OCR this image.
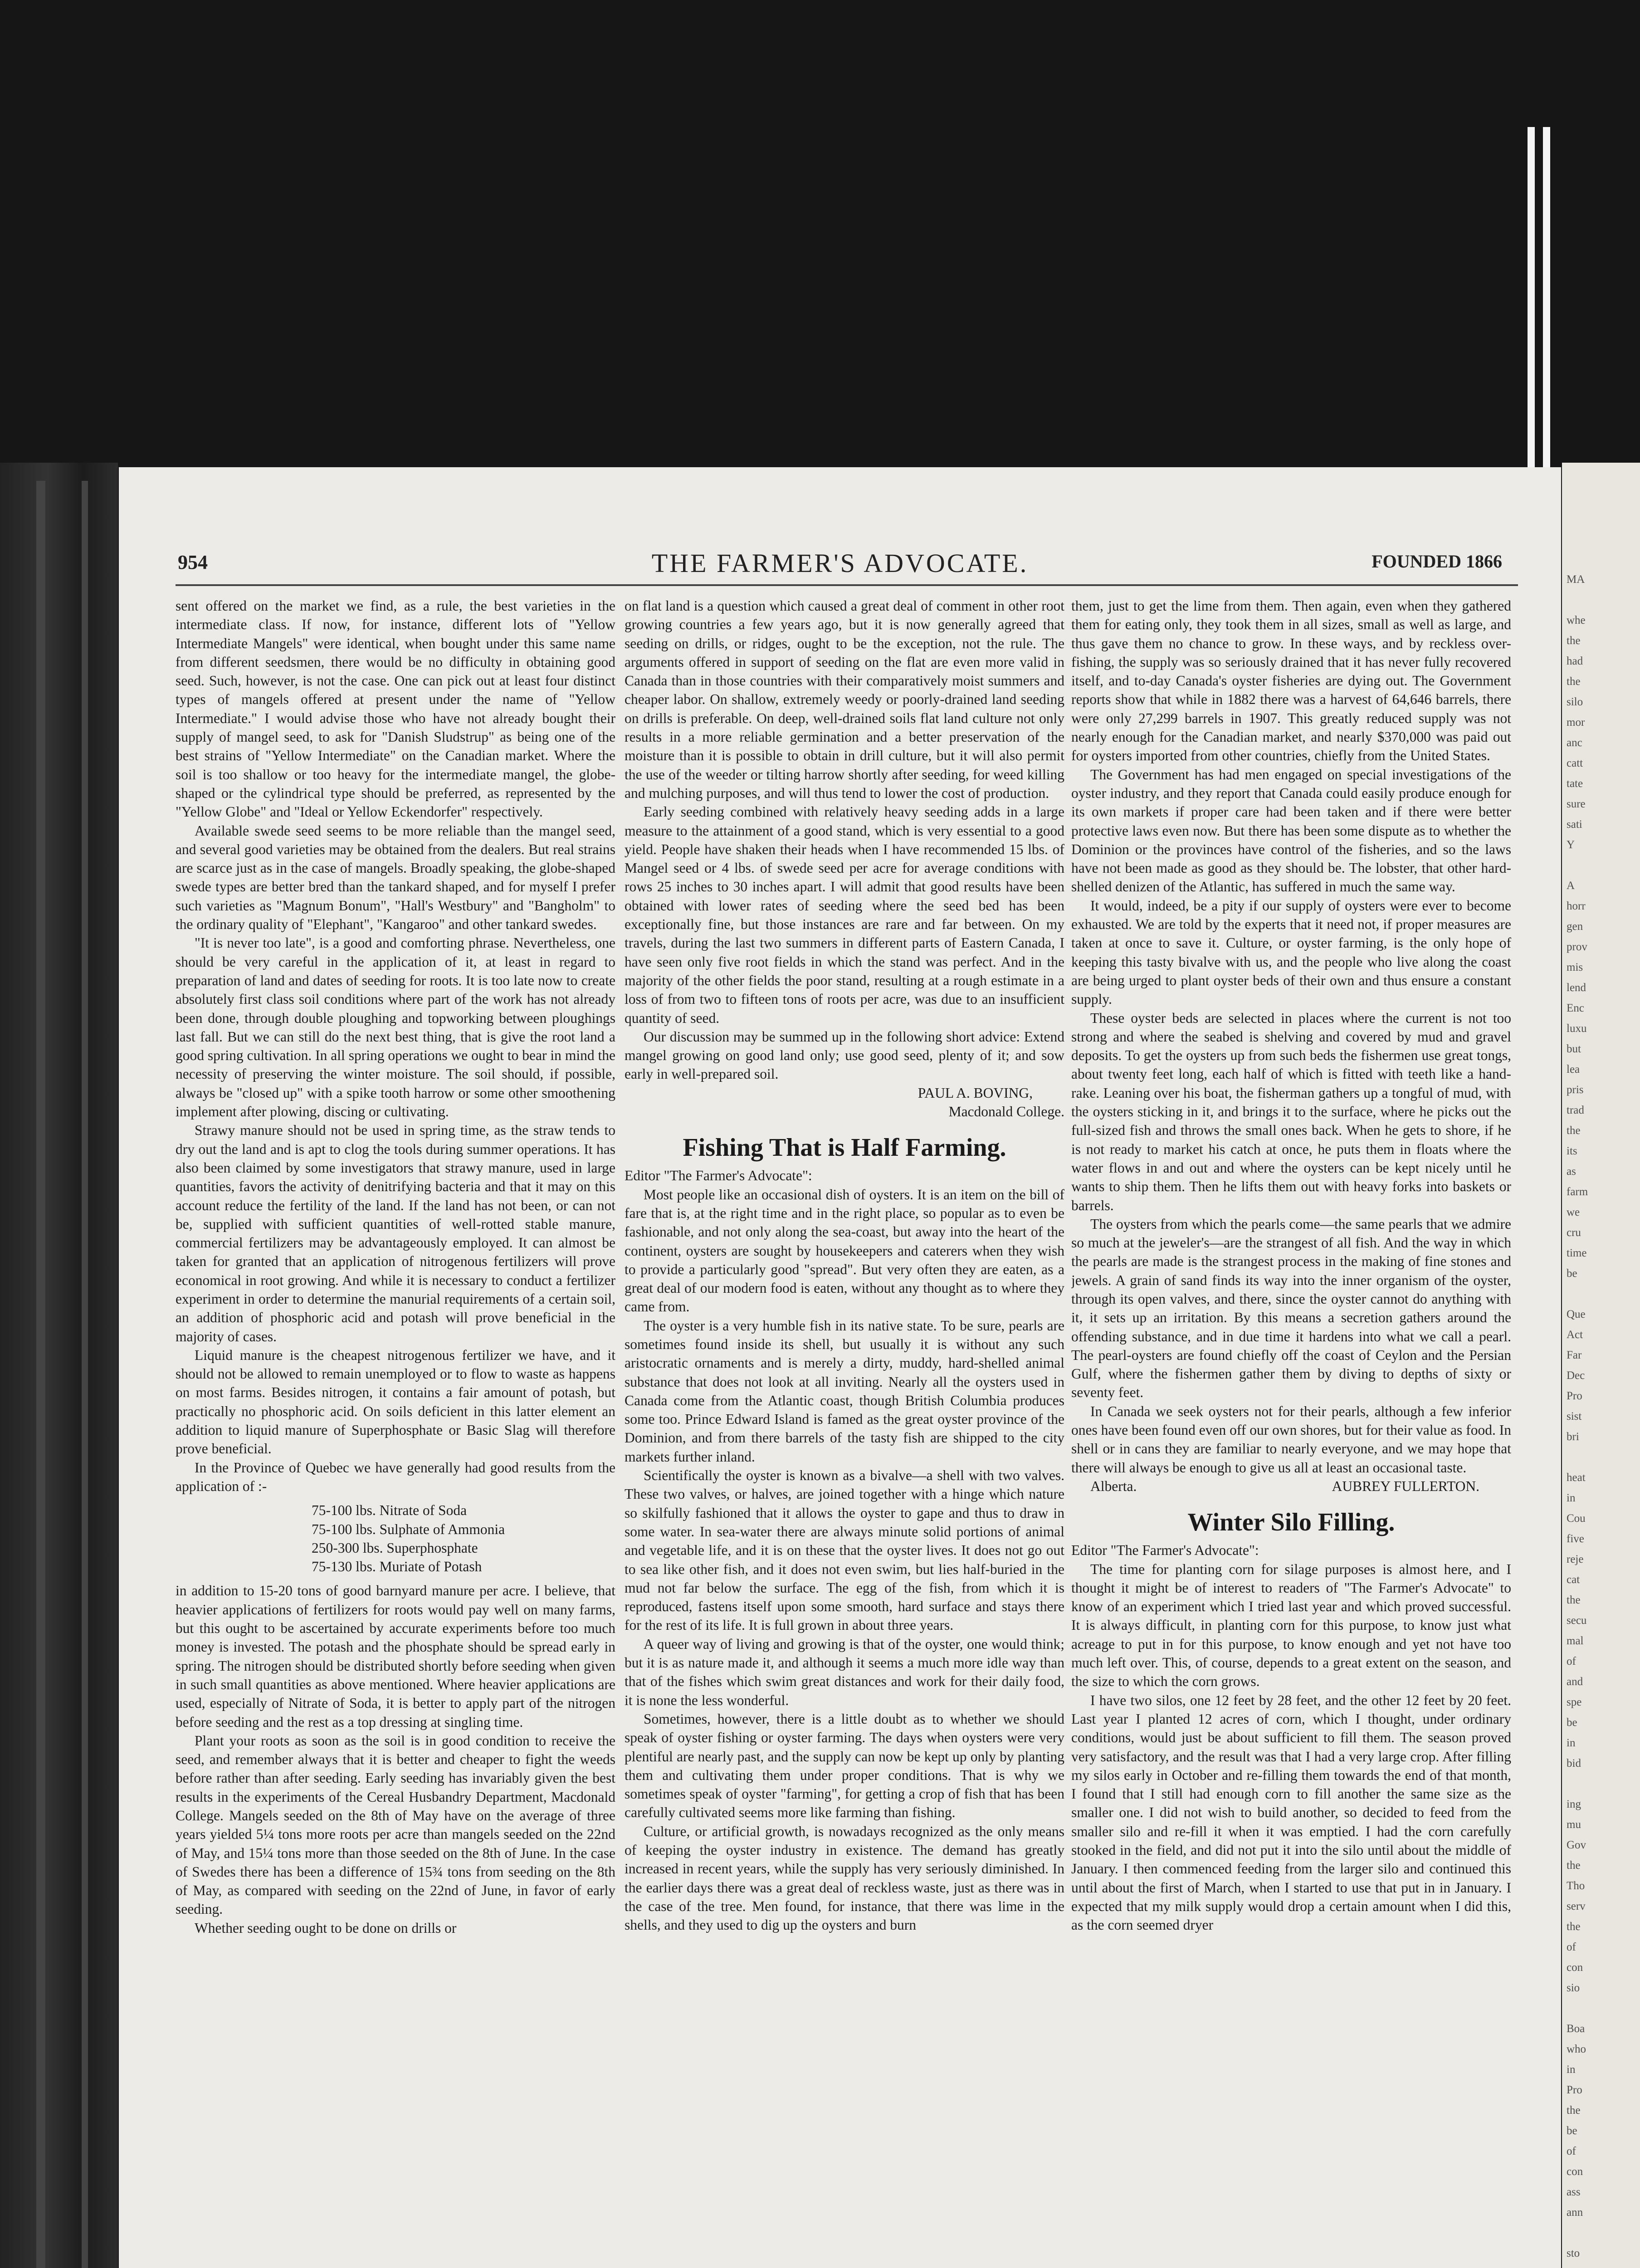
MA

whe
the
had
the
silo
mor
anc
catt
tate
sure
sati
Y

A
horr
gen
prov
mis
lend
Enc
luxu
but
lea
pris
trad
the
its
as
farm
we
cru
time
be

Que
Act
Far
Dec
Pro
sist
bri

heat
in
Cou
five
reje
cat
the
secu
mal
of
and
spe
be
in
bid

ing
mu
Gov
the
Tho
serv
the
of
con
sio

Boa
who
in
Pro
the
be
of
con
ass
ann

sto

954	THE FARMER'S ADVOCATE.	FOUNDED 1866

sent offered on the market we find, as a rule, the best varieties in the intermediate class. If now, for instance, different lots of "Yellow Intermediate Mangels" were identical, when bought under this same name from different seedsmen, there would be no difficulty in obtaining good seed. Such, however, is not the case. One can pick out at least four distinct types of mangels offered at present under the name of "Yellow Intermediate." I would advise those who have not already bought their supply of mangel seed, to ask for "Danish Sludstrup" as being one of the best strains of "Yellow Intermediate" on the Canadian market. Where the soil is too shallow or too heavy for the intermediate mangel, the globe-shaped or the cylindrical type should be preferred, as represented by the "Yellow Globe" and "Ideal or Yellow Eckendorfer" respectively.

Available swede seed seems to be more reliable than the mangel seed, and several good varieties may be obtained from the dealers. But real strains are scarce just as in the case of mangels. Broadly speaking, the globe-shaped swede types are better bred than the tankard shaped, and for myself I prefer such varieties as "Magnum Bonum", "Hall's Westbury" and "Bangholm" to the ordinary quality of "Elephant", "Kangaroo" and other tankard swedes.

"It is never too late", is a good and comforting phrase. Nevertheless, one should be very careful in the application of it, at least in regard to preparation of land and dates of seeding for roots. It is too late now to create absolutely first class soil conditions where part of the work has not already been done, through double ploughing and topworking between ploughings last fall. But we can still do the next best thing, that is give the root land a good spring cultivation. In all spring operations we ought to bear in mind the necessity of preserving the winter moisture. The soil should, if possible, always be "closed up" with a spike tooth harrow or some other smoothening implement after plowing, discing or cultivating.

Strawy manure should not be used in spring time, as the straw tends to dry out the land and is apt to clog the tools during summer operations. It has also been claimed by some investigators that strawy manure, used in large quantities, favors the activity of denitrifying bacteria and that it may on this account reduce the fertility of the land. If the land has not been, or can not be, supplied with sufficient quantities of well-rotted stable manure, commercial fertilizers may be advantageously employed. It can almost be taken for granted that an application of nitrogenous fertilizers will prove economical in root growing. And while it is necessary to conduct a fertilizer experiment in order to determine the manurial requirements of a certain soil, an addition of phosphoric acid and potash will prove beneficial in the majority of cases.

Liquid manure is the cheapest nitrogenous fertilizer we have, and it should not be allowed to remain unemployed or to flow to waste as happens on most farms. Besides nitrogen, it contains a fair amount of potash, but practically no phosphoric acid. On soils deficient in this latter element an addition to liquid manure of Superphosphate or Basic Slag will therefore prove beneficial.

In the Province of Quebec we have generally had good results from the application of :-

75-100 lbs. Nitrate of Soda
75-100 lbs. Sulphate of Ammonia
250-300 lbs. Superphosphate
75-130 lbs. Muriate of Potash

in addition to 15-20 tons of good barnyard manure per acre. I believe, that heavier applications of fertilizers for roots would pay well on many farms, but this ought to be ascertained by accurate experiments before too much money is invested. The potash and the phosphate should be spread early in spring. The nitrogen should be distributed shortly before seeding when given in such small quantities as above mentioned. Where heavier applications are used, especially of Nitrate of Soda, it is better to apply part of the nitrogen before seeding and the rest as a top dressing at singling time.

Plant your roots as soon as the soil is in good condition to receive the seed, and remember always that it is better and cheaper to fight the weeds before rather than after seeding. Early seeding has invariably given the best results in the experiments of the Cereal Husbandry Department, Macdonald College. Mangels seeded on the 8th of May have on the average of three years yielded 5¼ tons more roots per acre than mangels seeded on the 22nd of May, and 15¼ tons more than those seeded on the 8th of June. In the case of Swedes there has been a difference of 15¾ tons from seeding on the 8th of May, as compared with seeding on the 22nd of June, in favor of early seeding.

Whether seeding ought to be done on drills or

on flat land is a question which caused a great deal of comment in other root growing countries a few years ago, but it is now generally agreed that seeding on drills, or ridges, ought to be the exception, not the rule. The arguments offered in support of seeding on the flat are even more valid in Canada than in those countries with their comparatively moist summers and cheaper labor. On shallow, extremely weedy or poorly-drained land seeding on drills is preferable. On deep, well-drained soils flat land culture not only results in a more reliable germination and a better preservation of the moisture than it is possible to obtain in drill culture, but it will also permit the use of the weeder or tilting harrow shortly after seeding, for weed killing and mulching purposes, and will thus tend to lower the cost of production.

Early seeding combined with relatively heavy seeding adds in a large measure to the attainment of a good stand, which is very essential to a good yield. People have shaken their heads when I have recommended 15 lbs. of Mangel seed or 4 lbs. of swede seed per acre for average conditions with rows 25 inches to 30 inches apart. I will admit that good results have been obtained with lower rates of seeding where the seed bed has been exceptionally fine, but those instances are rare and far between. On my travels, during the last two summers in different parts of Eastern Canada, I have seen only five root fields in which the stand was perfect. And in the majority of the other fields the poor stand, resulting at a rough estimate in a loss of from two to fifteen tons of roots per acre, was due to an insufficient quantity of seed.

Our discussion may be summed up in the following short advice: Extend mangel growing on good land only; use good seed, plenty of it; and sow early in well-prepared soil.

PAUL A. BOVING,

Macdonald College.

Fishing That is Half Farming.

Editor "The Farmer's Advocate":

Most people like an occasional dish of oysters. It is an item on the bill of fare that is, at the right time and in the right place, so popular as to even be fashionable, and not only along the sea-coast, but away into the heart of the continent, oysters are sought by housekeepers and caterers when they wish to provide a particularly good "spread". But very often they are eaten, as a great deal of our modern food is eaten, without any thought as to where they came from.

The oyster is a very humble fish in its native state. To be sure, pearls are sometimes found inside its shell, but usually it is without any such aristocratic ornaments and is merely a dirty, muddy, hard-shelled animal substance that does not look at all inviting. Nearly all the oysters used in Canada come from the Atlantic coast, though British Columbia produces some too. Prince Edward Island is famed as the great oyster province of the Dominion, and from there barrels of the tasty fish are shipped to the city markets further inland.

Scientifically the oyster is known as a bivalve—a shell with two valves. These two valves, or halves, are joined together with a hinge which nature so skilfully fashioned that it allows the oyster to gape and thus to draw in some water. In sea-water there are always minute solid portions of animal and vegetable life, and it is on these that the oyster lives. It does not go out to sea like other fish, and it does not even swim, but lies half-buried in the mud not far below the surface. The egg of the fish, from which it is reproduced, fastens itself upon some smooth, hard surface and stays there for the rest of its life. It is full grown in about three years.

A queer way of living and growing is that of the oyster, one would think; but it is as nature made it, and although it seems a much more idle way than that of the fishes which swim great distances and work for their daily food, it is none the less wonderful.

Sometimes, however, there is a little doubt as to whether we should speak of oyster fishing or oyster farming. The days when oysters were very plentiful are nearly past, and the supply can now be kept up only by planting them and cultivating them under proper conditions. That is why we sometimes speak of oyster "farming", for getting a crop of fish that has been carefully cultivated seems more like farming than fishing.

Culture, or artificial growth, is nowadays recognized as the only means of keeping the oyster industry in existence. The demand has greatly increased in recent years, while the supply has very seriously diminished. In the earlier days there was a great deal of reckless waste, just as there was in the case of the tree. Men found, for instance, that there was lime in the shells, and they used to dig up the oysters and burn

them, just to get the lime from them. Then again, even when they gathered them for eating only, they took them in all sizes, small as well as large, and thus gave them no chance to grow. In these ways, and by reckless over-fishing, the supply was so seriously drained that it has never fully recovered itself, and to-day Canada's oyster fisheries are dying out. The Government reports show that while in 1882 there was a harvest of 64,646 barrels, there were only 27,299 barrels in 1907. This greatly reduced supply was not nearly enough for the Canadian market, and nearly $370,000 was paid out for oysters imported from other countries, chiefly from the United States.

The Government has had men engaged on special investigations of the oyster industry, and they report that Canada could easily produce enough for its own markets if proper care had been taken and if there were better protective laws even now. But there has been some dispute as to whether the Dominion or the provinces have control of the fisheries, and so the laws have not been made as good as they should be. The lobster, that other hard-shelled denizen of the Atlantic, has suffered in much the same way.

It would, indeed, be a pity if our supply of oysters were ever to become exhausted. We are told by the experts that it need not, if proper measures are taken at once to save it. Culture, or oyster farming, is the only hope of keeping this tasty bivalve with us, and the people who live along the coast are being urged to plant oyster beds of their own and thus ensure a constant supply.

These oyster beds are selected in places where the current is not too strong and where the seabed is shelving and covered by mud and gravel deposits. To get the oysters up from such beds the fishermen use great tongs, about twenty feet long, each half of which is fitted with teeth like a hand-rake. Leaning over his boat, the fisherman gathers up a tongful of mud, with the oysters sticking in it, and brings it to the surface, where he picks out the full-sized fish and throws the small ones back. When he gets to shore, if he is not ready to market his catch at once, he puts them in floats where the water flows in and out and where the oysters can be kept nicely until he wants to ship them. Then he lifts them out with heavy forks into baskets or barrels.

The oysters from which the pearls come—the same pearls that we admire so much at the jeweler's—are the strangest of all fish. And the way in which the pearls are made is the strangest process in the making of fine stones and jewels. A grain of sand finds its way into the inner organism of the oyster, through its open valves, and there, since the oyster cannot do anything with it, it sets up an irritation. By this means a secretion gathers around the offending substance, and in due time it hardens into what we call a pearl. The pearl-oysters are found chiefly off the coast of Ceylon and the Persian Gulf, where the fishermen gather them by diving to depths of sixty or seventy feet.

In Canada we seek oysters not for their pearls, although a few inferior ones have been found even off our own shores, but for their value as food. In shell or in cans they are familiar to nearly everyone, and we may hope that there will always be enough to give us all at least an occasional taste.

Alberta.	AUBREY FULLERTON.
Winter Silo Filling.

Editor "The Farmer's Advocate":

The time for planting corn for silage purposes is almost here, and I thought it might be of interest to readers of "The Farmer's Advocate" to know of an experiment which I tried last year and which proved successful. It is always difficult, in planting corn for this purpose, to know just what acreage to put in for this purpose, to know enough and yet not have too much left over. This, of course, depends to a great extent on the season, and the size to which the corn grows.

I have two silos, one 12 feet by 28 feet, and the other 12 feet by 20 feet. Last year I planted 12 acres of corn, which I thought, under ordinary conditions, would just be about sufficient to fill them. The season proved very satisfactory, and the result was that I had a very large crop. After filling my silos early in October and re-filling them towards the end of that month, I found that I still had enough corn to fill another the same size as the smaller one. I did not wish to build another, so decided to feed from the smaller silo and re-fill it when it was emptied. I had the corn carefully stooked in the field, and did not put it into the silo until about the middle of January. I then commenced feeding from the larger silo and continued this until about the first of March, when I started to use that put in in January. I expected that my milk supply would drop a certain amount when I did this, as the corn seemed dryer
